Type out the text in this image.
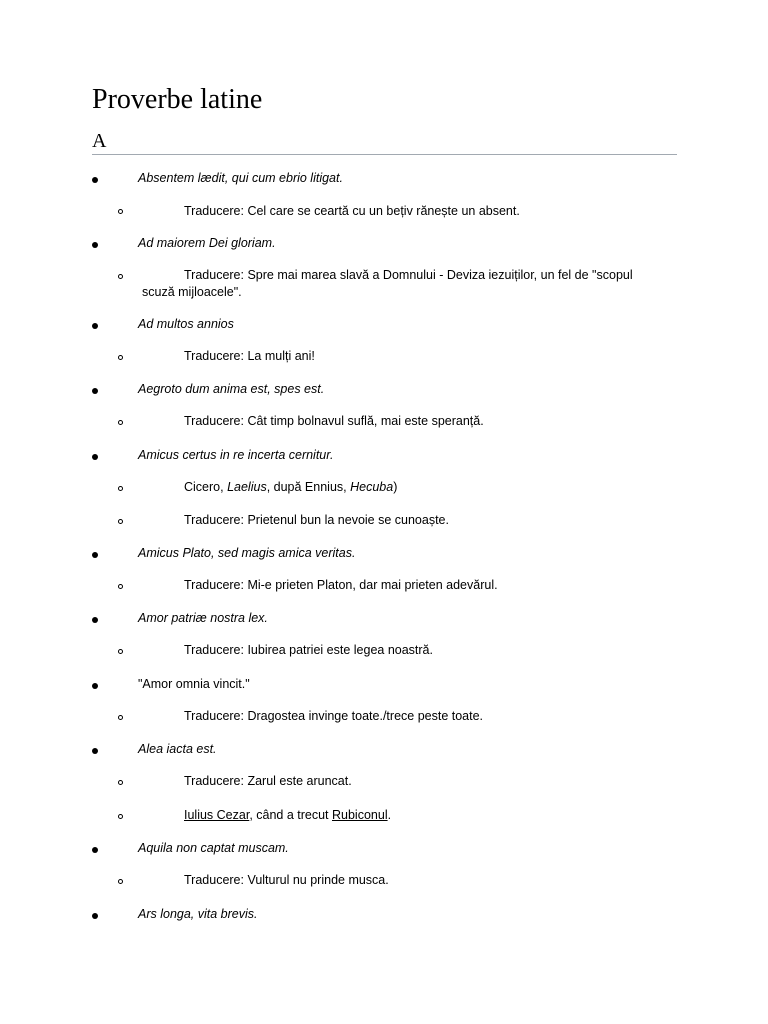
Proverbe latine
A
Absentem lædit, qui cum ebrio litigat.
Traducere: Cel care se ceartă cu un bețiv rănește un absent.
Ad maiorem Dei gloriam.
Traducere: Spre mai marea slavă a Domnului - Deviza iezuiților, un fel de "scopul
scuză mijloacele".
Ad multos annios
Traducere: La mulți ani!
Aegroto dum anima est, spes est.
Traducere: Cât timp bolnavul suflă, mai este speranță.
Amicus certus in re incerta cernitur.
Cicero, Laelius, după Ennius, Hecuba)
Traducere: Prietenul bun la nevoie se cunoaște.
Amicus Plato, sed magis amica veritas.
Traducere: Mi-e prieten Platon, dar mai prieten adevărul.
Amor patriæ nostra lex.
Traducere: Iubirea patriei este legea noastră.
"Amor omnia vincit."
Traducere: Dragostea invinge toate./trece peste toate.
Alea iacta est.
Traducere: Zarul este aruncat.
Iulius Cezar, când a trecut Rubiconul.
Aquila non captat muscam.
Traducere: Vulturul nu prinde musca.
Ars longa, vita brevis.
